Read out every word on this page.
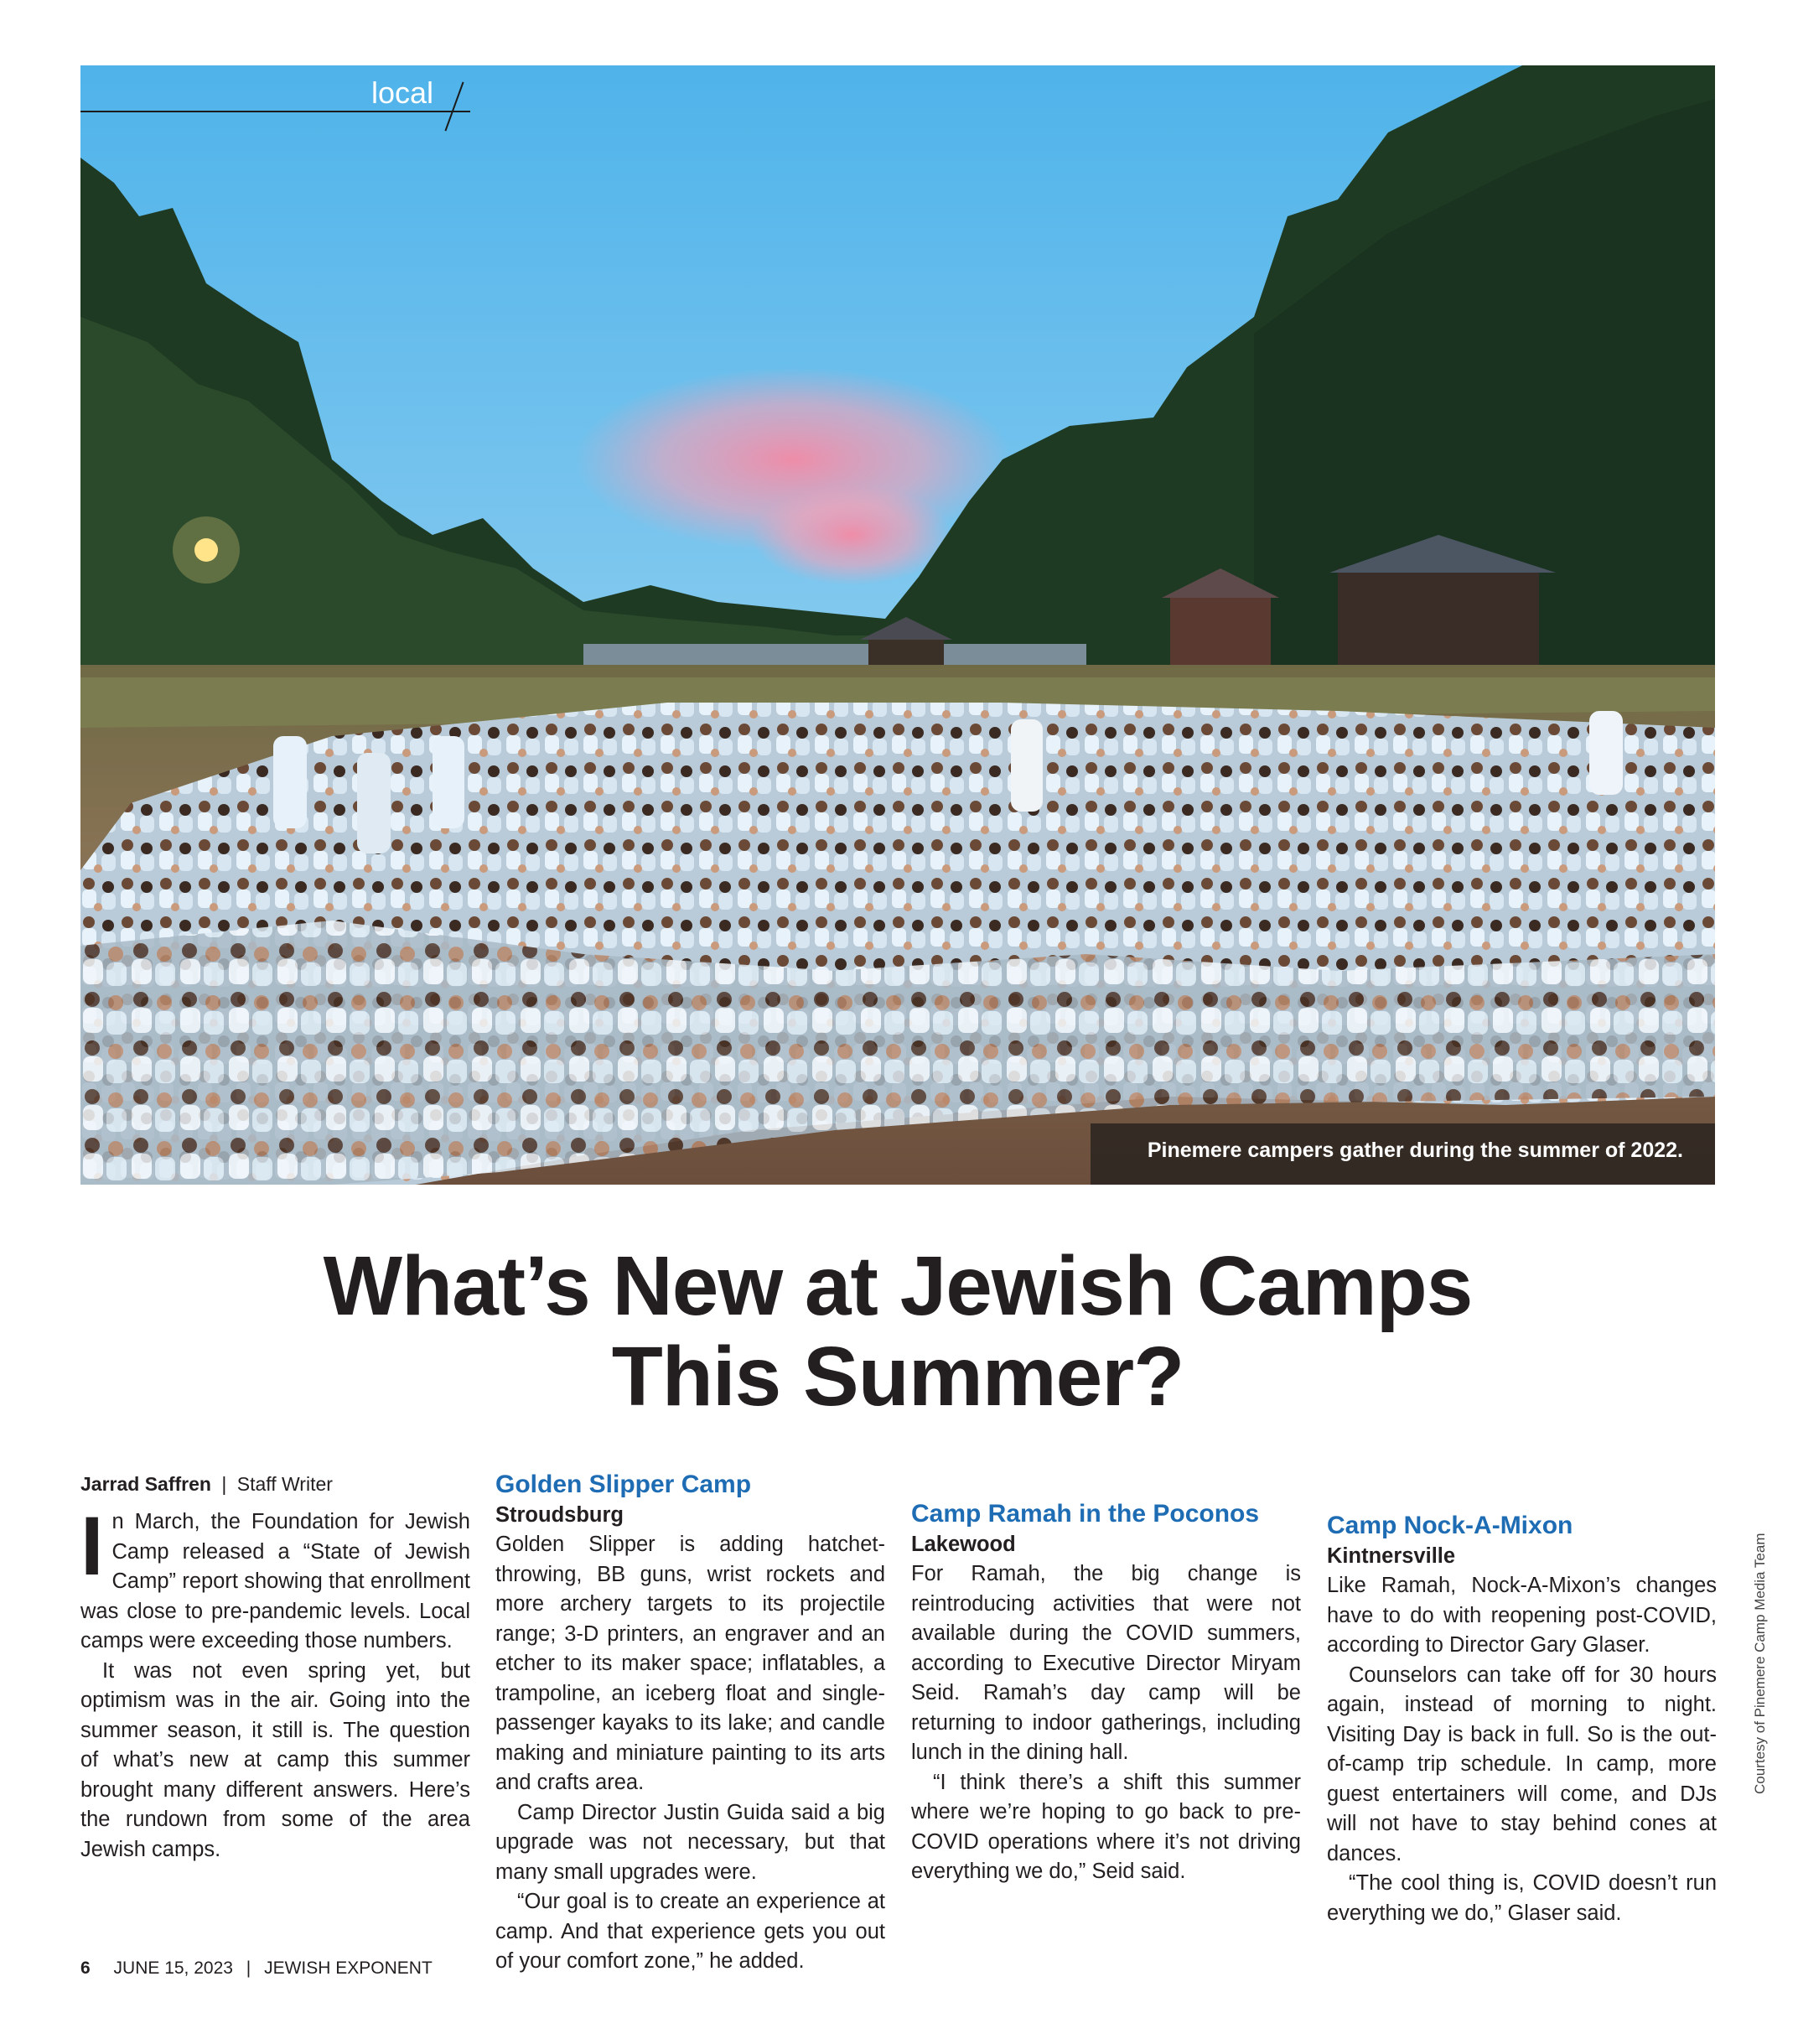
local
Pinemere campers gather during the summer of 2022.
What’s New at Jewish Camps
This Summer?
Jarrad Saffren | Staff Writer

In March, the Foundation for Jewish Camp released a “State of Jewish Camp” report showing that enrollment was close to pre-pandemic levels. Local camps were exceeding those numbers.

It was not even spring yet, but optimism was in the air. Going into the summer season, it still is. The question of what’s new at camp this summer brought many different answers. Here’s the rundown from some of the area Jewish camps.

Golden Slipper Camp
Stroudsburg

Golden Slipper is adding hatchet-throwing, BB guns, wrist rockets and more archery targets to its projectile range; 3-D printers, an engraver and an etcher to its maker space; inflatables, a trampoline, an iceberg float and single-passenger kayaks to its lake; and candle making and miniature painting to its arts and crafts area.

Camp Director Justin Guida said a big upgrade was not necessary, but that many small upgrades were.

“Our goal is to create an experience at camp. And that experience gets you out of your comfort zone,” he added.

Camp Ramah in the Poconos
Lakewood

For Ramah, the big change is reintroducing activities that were not available during the COVID summers, according to Executive Director Miryam Seid. Ramah’s day camp will be returning to indoor gatherings, including lunch in the dining hall.

“I think there’s a shift this summer where we’re hoping to go back to pre-COVID operations where it’s not driving everything we do,” Seid said.

Camp Nock-A-Mixon
Kintnersville

Like Ramah, Nock-A-Mixon’s changes have to do with reopening post-COVID, according to Director Gary Glaser.

Counselors can take off for 30 hours again, instead of morning to night. Visiting Day is back in full. So is the out-of-camp trip schedule. In camp, more guest entertainers will come, and DJs will not have to stay behind cones at dances.

“The cool thing is, COVID doesn’t run everything we do,” Glaser said.

6 JUNE 15, 2023 | JEWISH EXPONENT
Courtesy of Pinemere Camp Media Team
